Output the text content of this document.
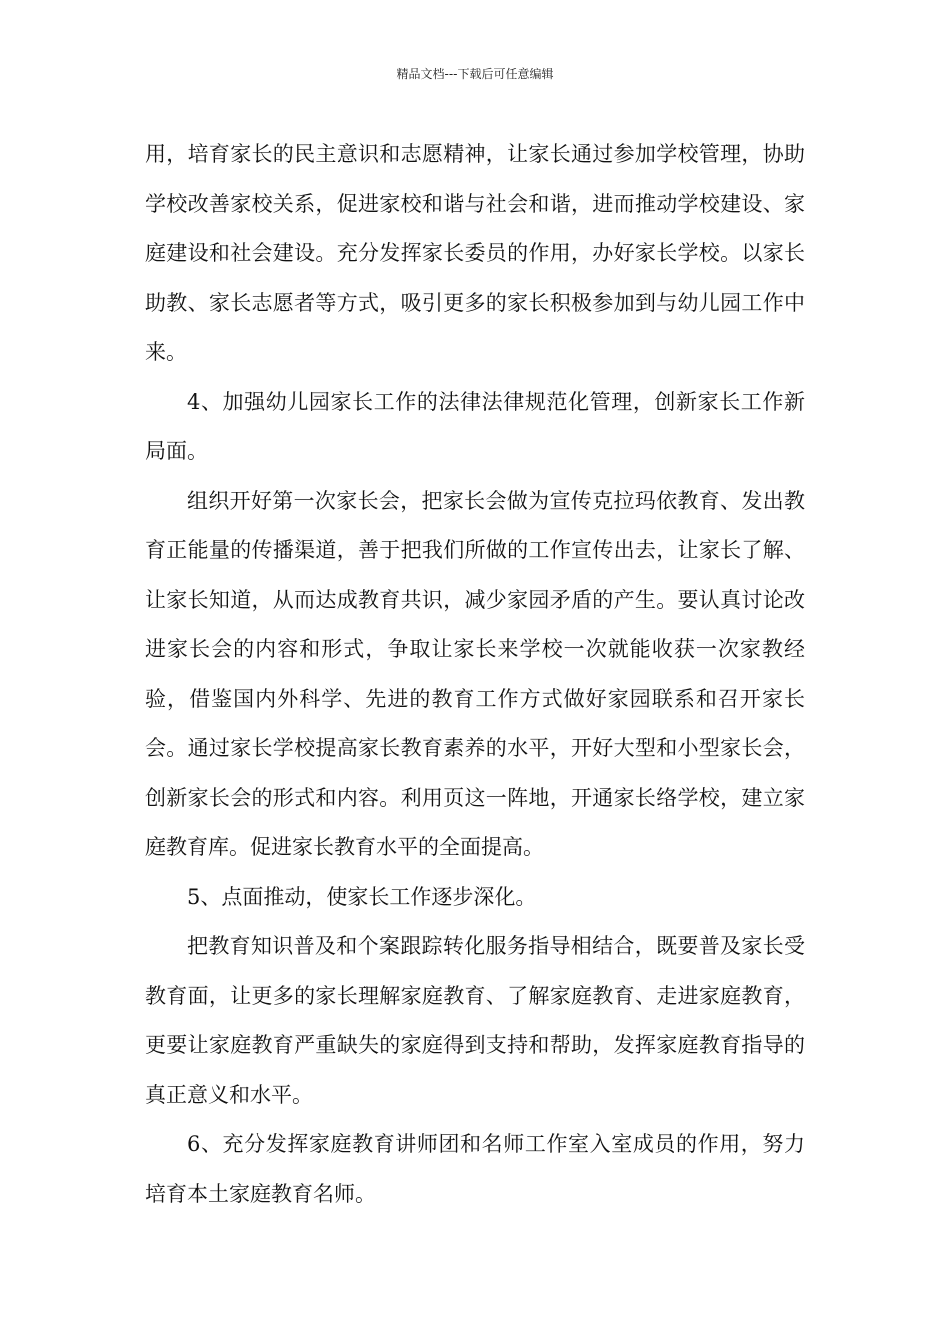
精品文档---下载后可任意编辑

用，培育家长的民主意识和志愿精神，让家长通过参加学校管理，协助学校改善家校关系，促进家校和谐与社会和谐，进而推动学校建设、家庭建设和社会建设。充分发挥家长委员的作用，办好家长学校。以家长助教、家长志愿者等方式，吸引更多的家长积极参加到与幼儿园工作中来。

4、加强幼儿园家长工作的法律法律规范化管理，创新家长工作新局面。

组织开好第一次家长会，把家长会做为宣传克拉玛依教育、发出教育正能量的传播渠道，善于把我们所做的工作宣传出去，让家长了解、让家长知道，从而达成教育共识，减少家园矛盾的产生。要认真讨论改进家长会的内容和形式，争取让家长来学校一次就能收获一次家教经验，借鉴国内外科学、先进的教育工作方式做好家园联系和召开家长会。通过家长学校提高家长教育素养的水平，开好大型和小型家长会，创新家长会的形式和内容。利用页这一阵地，开通家长络学校，建立家庭教育库。促进家长教育水平的全面提高。

5、点面推动，使家长工作逐步深化。

把教育知识普及和个案跟踪转化服务指导相结合，既要普及家长受教育面，让更多的家长理解家庭教育、了解家庭教育、走进家庭教育，更要让家庭教育严重缺失的家庭得到支持和帮助，发挥家庭教育指导的真正意义和水平。

6、充分发挥家庭教育讲师团和名师工作室入室成员的作用，努力培育本土家庭教育名师。
